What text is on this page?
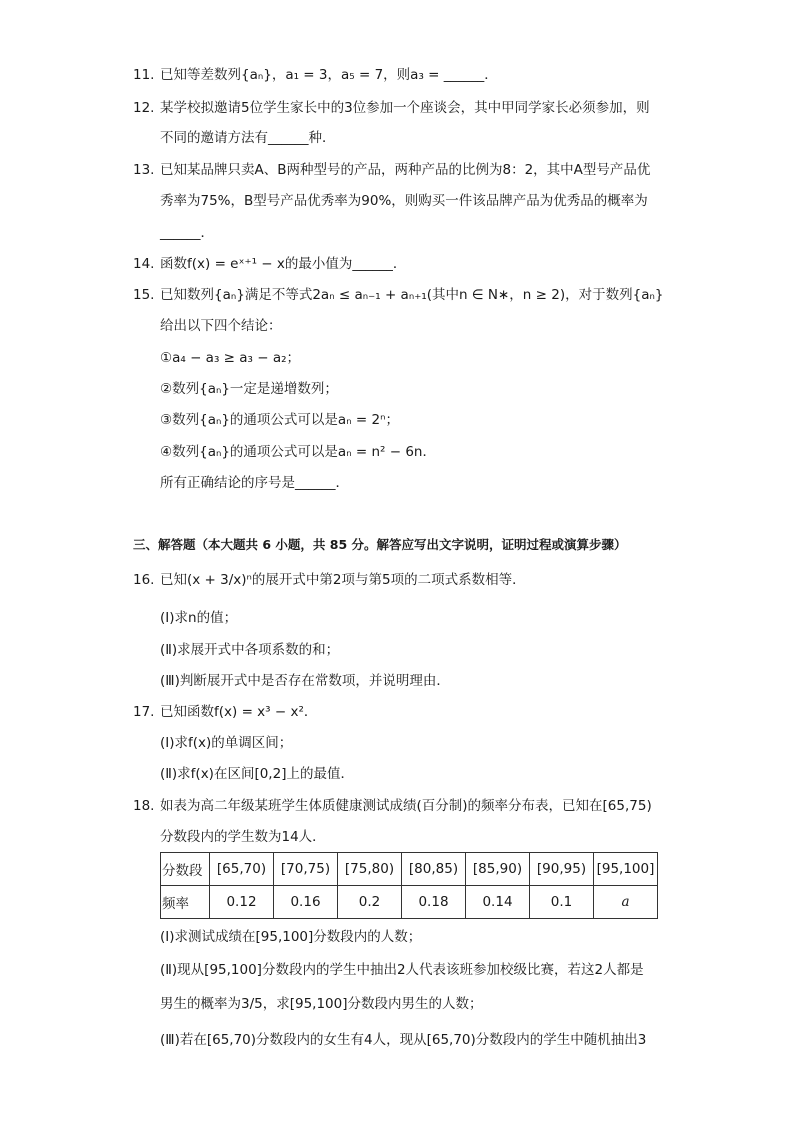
11. 已知等差数列{aₙ}，a₁ = 3，a₅ = 7，则a₃ = ______．
12. 某学校拟邀请5位学生家长中的3位参加一个座谈会，其中甲同学家长必须参加，则
不同的邀请方法有______种．
13. 已知某品牌只卖A、B两种型号的产品，两种产品的比例为8：2，其中A型号产品优
秀率为75%，B型号产品优秀率为90%，则购买一件该品牌产品为优秀品的概率为
______．
14. 函数f(x) = eˣ⁺¹ − x的最小值为______．
15. 已知数列{aₙ}满足不等式2aₙ ≤ aₙ₋₁ + aₙ₊₁(其中n ∈ N∗，n ≥ 2)，对于数列{aₙ}
给出以下四个结论：
①a₄ − a₃ ≥ a₃ − a₂；
②数列{aₙ}一定是递增数列；
③数列{aₙ}的通项公式可以是aₙ = 2ⁿ；
④数列{aₙ}的通项公式可以是aₙ = n² − 6n．
所有正确结论的序号是______．
三、解答题（本大题共 6 小题，共 85 分。解答应写出文字说明，证明过程或演算步骤）
16. 已知(x + 3/x)ⁿ的展开式中第2项与第5项的二项式系数相等．
(Ⅰ)求n的值；
(Ⅱ)求展开式中各项系数的和；
(Ⅲ)判断展开式中是否存在常数项，并说明理由．
17. 已知函数f(x) = x³ − x²．
(Ⅰ)求f(x)的单调区间；
(Ⅱ)求f(x)在区间[0,2]上的最值．
18. 如表为高二年级某班学生体质健康测试成绩(百分制)的频率分布表，已知在[65,75)
分数段内的学生数为14人．
分数段	[65,70)	[70,75)	[75,80)	[80,85)	[85,90)	[90,95)	[95,100]
频率	0.12	0.16	0.2	0.18	0.14	0.1	a
(Ⅰ)求测试成绩在[95,100]分数段内的人数；
(Ⅱ)现从[95,100]分数段内的学生中抽出2人代表该班参加校级比赛，若这2人都是
男生的概率为3/5，求[95,100]分数段内男生的人数；
(Ⅲ)若在[65,70)分数段内的女生有4人，现从[65,70)分数段内的学生中随机抽出3
